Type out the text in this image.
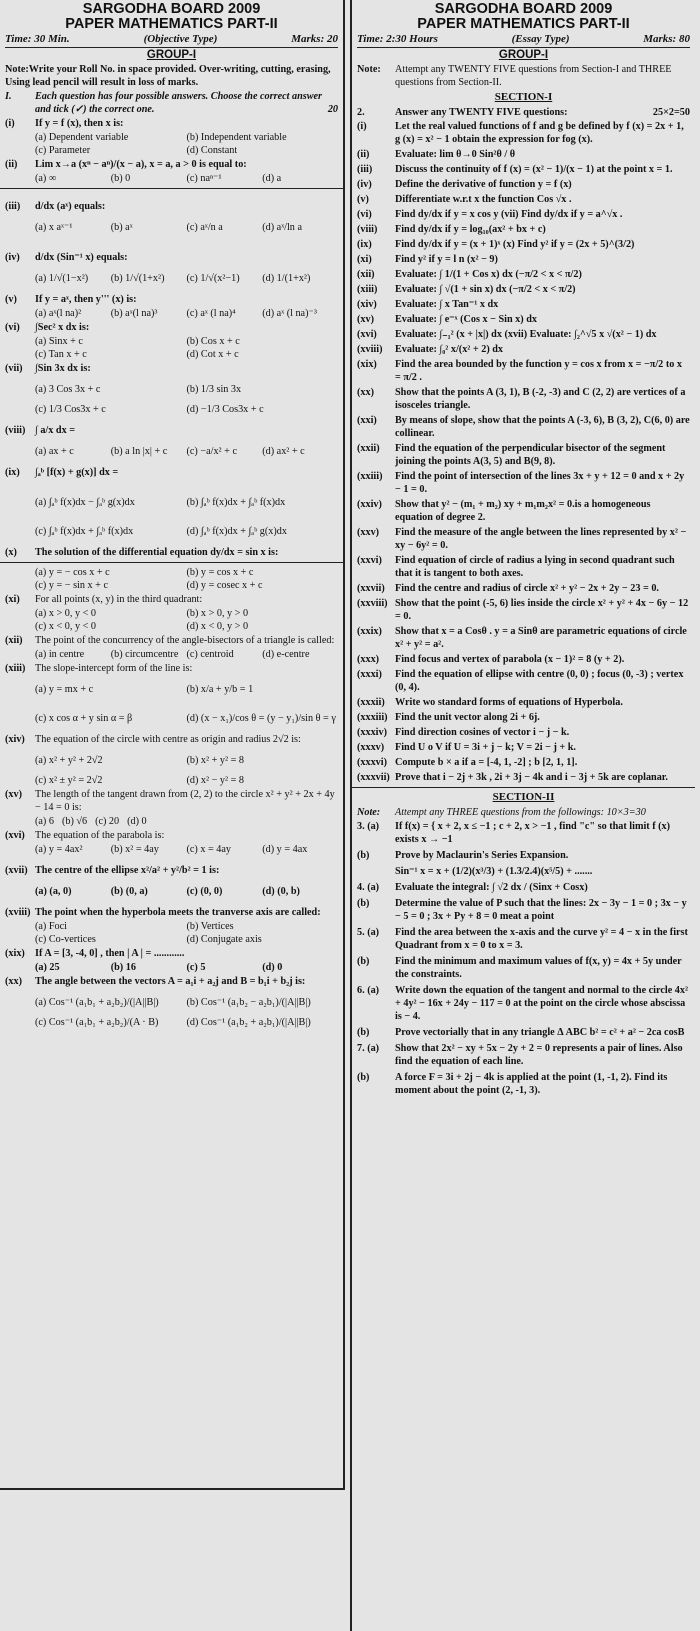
SARGODHA BOARD 2009
PAPER MATHEMATICS PART-II
Time: 30 Min.	(Objective Type)	Marks: 20
GROUP-I
Note:Write your Roll No. in space provided. Over-writing, cutting, erasing, Using lead pencil will result in loss of marks.
I.	Each question has four possible answers. Choose the correct answer and tick (✓) the correct one.	20
(i)	If y = f (x), then x is:
(a) Dependent variable	(b) Independent variable
(c) Parameter	(d) Constant
(ii)	Lim x→a (xⁿ − aⁿ)/(x − a), x = a, a > 0 is equal to:
(a) ∞	(b) 0	(c) naⁿ⁻¹	(d) a
(iii)	d/dx (aˣ) equals:
(a) x aˣ⁻¹	(b) aˣ	(c) aˣ/n a	(d) aˣ/ln a
(iv)	d/dx (Sin⁻¹ x) equals:
(a) 1/√(1−x²)	(b) 1/√(1+x²)	(c) 1/√(x²−1)	(d) 1/(1+x²)
(v)	If y = aˣ, then y''' (x) is:
(a) aˣ(l na)²	(b) aˣ(l na)³	(c) aˣ (l na)⁴	(d) aˣ (l na)⁻³
(vi)	∫Sec² x dx is:
(a) Sinx + c	(b) Cos x + c
(c) Tan x + c	(d) Cot x + c
(vii)	∫Sin 3x dx is:
(a) 3 Cos 3x + c	(b) 1/3 sin 3x
(c) 1/3 Cos3x + c	(d) −1/3 Cos3x + c
(viii) ∫ a/x dx =
(a) ax + c	(b) a ln |x| + c	(c) −a/x² + c	(d) ax² + c
(ix)	∫ₐᵇ [f(x) + g(x)] dx =
(a) ∫ₐᵇ f(x)dx − ∫ₐᵇ g(x)dx	(b) ∫ₐᵇ f(x)dx + ∫ₐᵇ f(x)dx
(c) ∫ₐᵇ f(x)dx + ∫ₐᵇ f(x)dx	(d) ∫ₐᵇ f(x)dx + ∫ₐᵇ g(x)dx
(x)	The solution of the differential equation dy/dx = sin x is:
(a) y = − cos x + c	(b) y = cos x + c
(c) y = − sin x + c	(d) y = cosec x + c
(xi)	For all points (x, y) in the third quadrant:
(a) x > 0, y < 0	(b) x > 0, y > 0
(c) x < 0, y < 0	(d) x < 0, y > 0
(xii)	The point of the concurrency of the angle-bisectors of a triangle is called:
(a) in centre	(b) circumcentre (c) centroid	(d) e-centre
(xiii) The slope-intercept form of the line is:
(a) y = mx + c	(b) x/a + y/b = 1
(c) x cos α + y sin α = β	(d) (x − x₁)/cos θ = (y − y₁)/sin θ = γ
(xiv) The equation of the circle with centre as origin and radius 2√2 is:
(a) x² + y² + 2√2	(b) x² + y² = 8
(c) x² ± y² = 2√2	(d) x² − y² = 8
(xv)	The length of the tangent drawn from (2, 2) to the circle x² + y² + 2x + 4y − 14 = 0 is:
(a) 6 (b) √6 (c) 20 (d) 0
(xvi) The equation of the parabola is:
(a) y = 4ax²	(b) x² = 4ay	(c) x = 4ay	(d) y = 4ax
(xvii) The centre of the ellipse x²/a² + y²/b² = 1 is:
(a) (a, 0)	(b) (0, a)	(c) (0, 0)	(d) (0, b)
(xviii) The point when the hyperbola meets the tranverse axis are called:
(a) Foci	(b) Vertices
(c) Co-vertices	(d) Conjugate axis
(xix) If A = [3, -4, 0] , then | A | = ............
(a) 25	(b) 16	(c) 5	(d) 0
(xx)	The angle between the vectors A = a₁i + a₂j and B = b₁i + b₂j is:
(a) Cos⁻¹ (a₁b₁ + a₂b₂)/(|A||B|)	(b) Cos⁻¹ (a₁b₂ − a₂b₁)/(|A||B|)
(c) Cos⁻¹ (a₁b₁ + a₂b₂)/(A · B)	(d) Cos⁻¹ (a₁b₂ + a₂b₁)/(|A||B|)
SARGODHA BOARD 2009
PAPER MATHEMATICS PART-II
Time: 2:30 Hours	(Essay Type)	Marks: 80
GROUP-I
Note:	Attempt any TWENTY FIVE questions from Section-I and THREE questions from Section-II.
SECTION-I
2.	Answer any TWENTY FIVE questions:	25×2=50
(i)	Let the real valued functions of f and g be defined by f (x) = 2x + 1, g (x) = x² − 1 obtain the expression for fog (x).
(ii)	Evaluate: lim θ→0 Sin²θ / θ
(iii)	Discuss the continuity of f (x) = (x² − 1)/(x − 1) at the point x = 1.
(iv)	Define the derivative of function y = f (x)
(v)	Differentiate w.r.t x the function Cos √x .
(vi)	Find dy/dx if y = x cos y (vii) Find dy/dx if y = a^√x .
(viii)	Find dy/dx if y = log₁₀(ax² + bx + c)
(ix)	Find dy/dx if y = (x + 1)ˣ (x) Find y² if y = (2x + 5)^(3/2)
(xi)	Find y² if y = l n (x² − 9)
(xii)	Evaluate: ∫ 1/(1 + Cos x) dx (−π/2 < x < π/2)
(xiii)	Evaluate: ∫ √(1 + sin x) dx (−π/2 < x < π/2)
(xiv)	Evaluate: ∫ x Tan⁻¹ x dx
(xv)	Evaluate: ∫ e⁻ˣ (Cos x − Sin x) dx
(xvi)	Evaluate: ∫₋₁² (x + |x|) dx (xvii) Evaluate: ∫₂^√5 x √(x² − 1) dx
(xviii)	Evaluate: ∫₀² x/(x² + 2) dx
(xix)	Find the area bounded by the function y = cos x from x = −π/2 to x = π/2 .
(xx)	Show that the points A (3, 1), B (-2, -3) and C (2, 2) are vertices of a isosceles triangle.
(xxi)	By means of slope, show that the points A (-3, 6), B (3, 2), C(6, 0) are collinear.
(xxii)	Find the equation of the perpendicular bisector of the segment joining the points A(3, 5) and B(9, 8).
(xxiii)	Find the point of intersection of the lines 3x + y + 12 = 0 and x + 2y − 1 = 0.
(xxiv)	Show that y² − (m₁ + m₂) xy + m₁m₂x² = 0.is a homogeneous equation of degree 2.
(xxv)	Find the measure of the angle between the lines represented by x² − xy − 6y² = 0.
(xxvi)	Find equation of circle of radius a lying in second quadrant such that it is tangent to both axes.
(xxvii)	Find the centre and radius of circle x² + y² − 2x + 2y − 23 = 0.
(xxviii) Show that the point (-5, 6) lies inside the circle x² + y² + 4x − 6y − 12 = 0.
(xxix)	Show that x = a Cosθ . y = a Sinθ are parametric equations of circle x² + y² = a².
(xxx)	Find focus and vertex of parabola (x − 1)² = 8 (y + 2).
(xxxi)	Find the equation of ellipse with centre (0, 0) ; focus (0, -3) ; vertex (0, 4).
(xxxii)	Write wo standard forms of equations of Hyperbola.
(xxxiii) Find the unit vector along 2i + 6j.
(xxxiv) Find direction cosines of vector i − j − k.
(xxxv)	Find U o V if U = 3i + j − k; V = 2i − j + k.
(xxxvi) Compute b × a if a = [-4, 1, -2] ; b [2, 1, 1].
(xxxvii) Prove that i − 2j + 3k , 2i + 3j − 4k and i − 3j + 5k are coplanar.
SECTION-II
Note:	Attempt any THREE questions from the followings: 10×3=30
3. (a)	If f(x) = { x + 2, x ≤ −1 ; c + 2, x > −1 , find "c" so that limit f (x) exists x → −1
(b)	Prove by Maclaurin's Series Expansion.
Sin⁻¹ x = x + (1/2)(x³/3) + (1.3/2.4)(x⁵/5) + .......
4. (a)	Evaluate the integral: ∫ √2 dx / (Sinx + Cosx)
(b)	Determine the value of P such that the lines: 2x − 3y − 1 = 0 ; 3x − y − 5 = 0 ; 3x + Py + 8 = 0 meat a point
5. (a)	Find the area between the x-axis and the curve y² = 4 − x in the first Quadrant from x = 0 to x = 3.
(b)	Find the minimum and maximum values of f(x, y) = 4x + 5y under the constraints.
6. (a)	Write down the equation of the tangent and normal to the circle 4x² + 4y² − 16x + 24y − 117 = 0 at the point on the circle whose abscissa is − 4.
(b)	Prove vectorially that in any triangle Δ ABC b² = c² + a² − 2ca cosB
7. (a)	Show that 2x² − xy + 5x − 2y + 2 = 0 represents a pair of lines. Also find the equation of each line.
(b)	A force F = 3i + 2j − 4k is applied at the point (1, -1, 2). Find its moment about the point (2, -1, 3).
